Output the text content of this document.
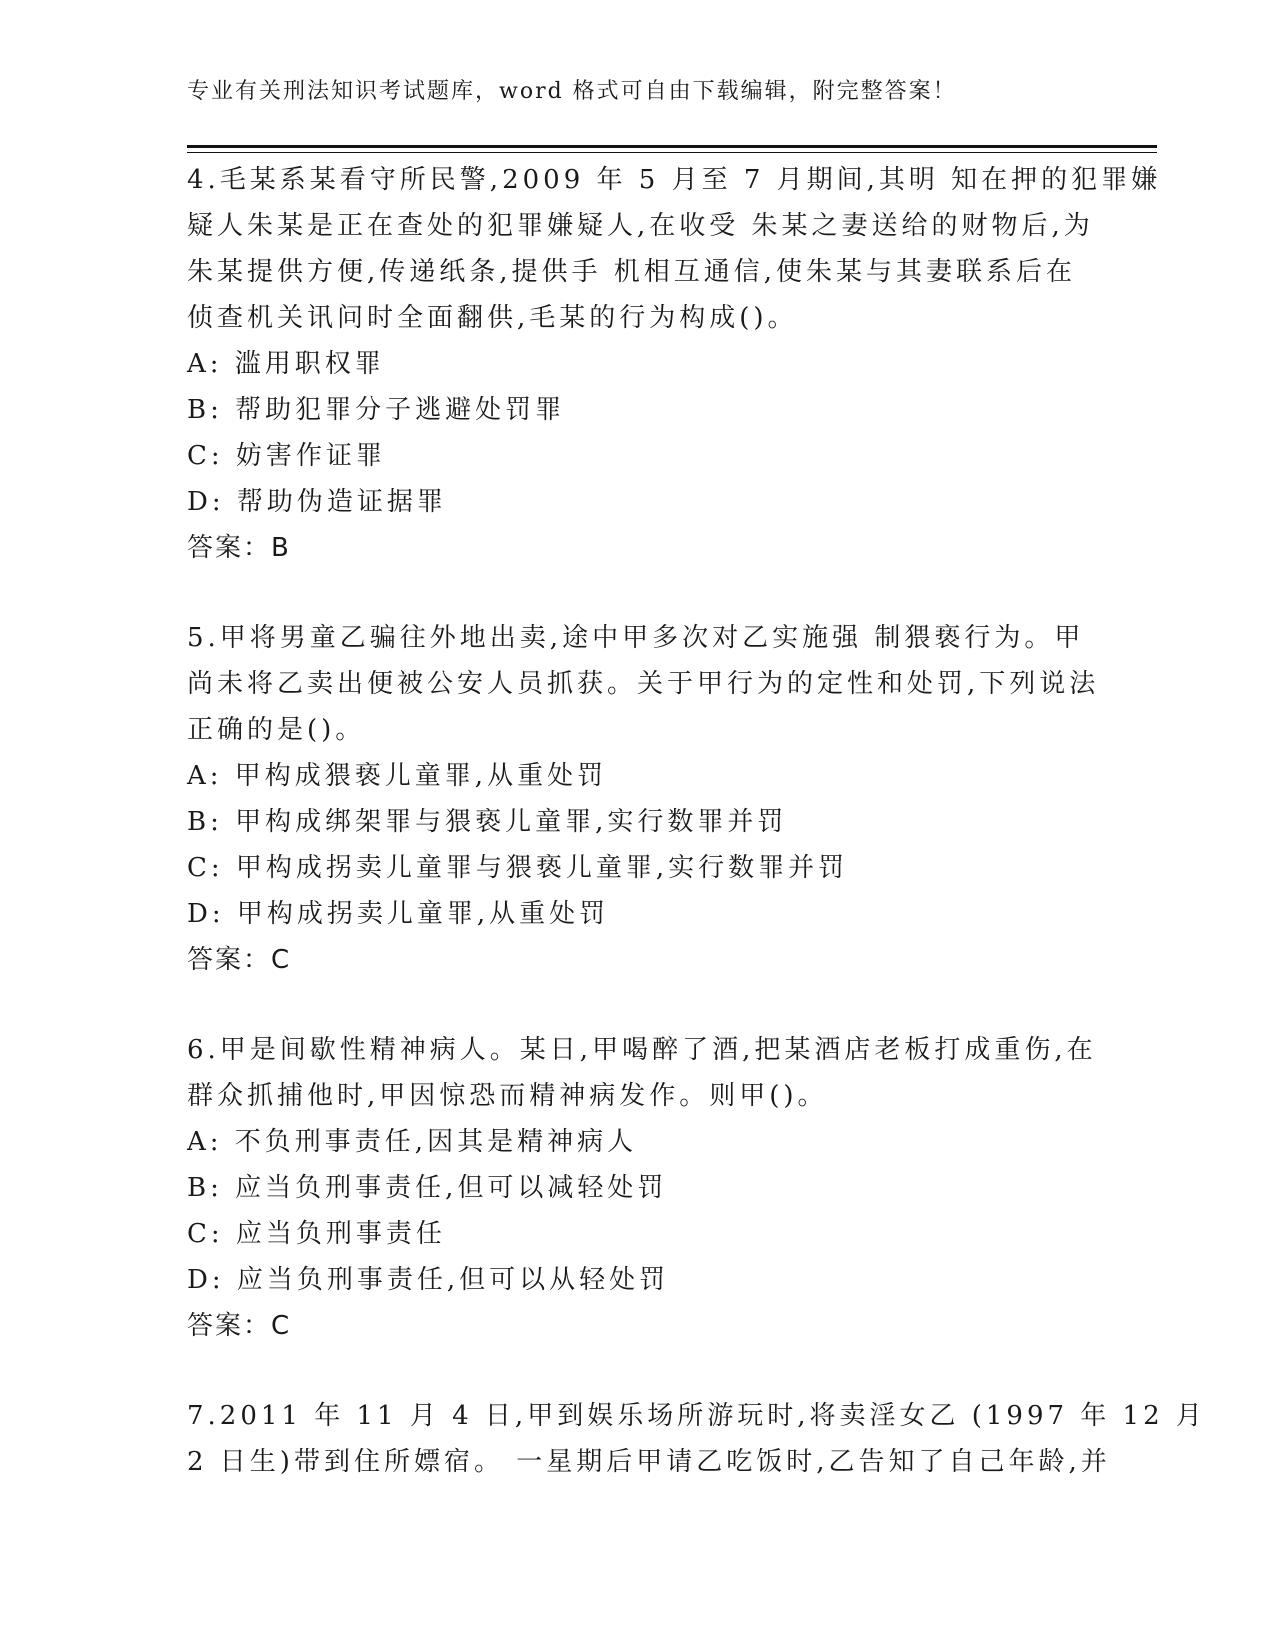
专业有关刑法知识考试题库，word 格式可自由下载编辑，附完整答案！
4.毛某系某看守所民警,2009 年 5 月至 7 月期间,其明 知在押的犯罪嫌
疑人朱某是正在查处的犯罪嫌疑人,在收受 朱某之妻送给的财物后,为
朱某提供方便,传递纸条,提供手 机相互通信,使朱某与其妻联系后在
侦查机关讯问时全面翻供,毛某的行为构成()。
A: 滥用职权罪
B: 帮助犯罪分子逃避处罚罪
C: 妨害作证罪
D: 帮助伪造证据罪
答案：B
5.甲将男童乙骗往外地出卖,途中甲多次对乙实施强 制猥亵行为。甲
尚未将乙卖出便被公安人员抓获。关于甲行为的定性和处罚,下列说法
正确的是()。
A: 甲构成猥亵儿童罪,从重处罚
B: 甲构成绑架罪与猥亵儿童罪,实行数罪并罚
C: 甲构成拐卖儿童罪与猥亵儿童罪,实行数罪并罚
D: 甲构成拐卖儿童罪,从重处罚
答案：C
6.甲是间歇性精神病人。某日,甲喝醉了酒,把某酒店老板打成重伤,在
群众抓捕他时,甲因惊恐而精神病发作。则甲()。
A: 不负刑事责任,因其是精神病人
B: 应当负刑事责任,但可以减轻处罚
C: 应当负刑事责任
D: 应当负刑事责任,但可以从轻处罚
答案：C
7.2011 年 11 月 4 日,甲到娱乐场所游玩时,将卖淫女乙 (1997 年 12 月
2 日生)带到住所嫖宿。 一星期后甲请乙吃饭时,乙告知了自己年龄,并
